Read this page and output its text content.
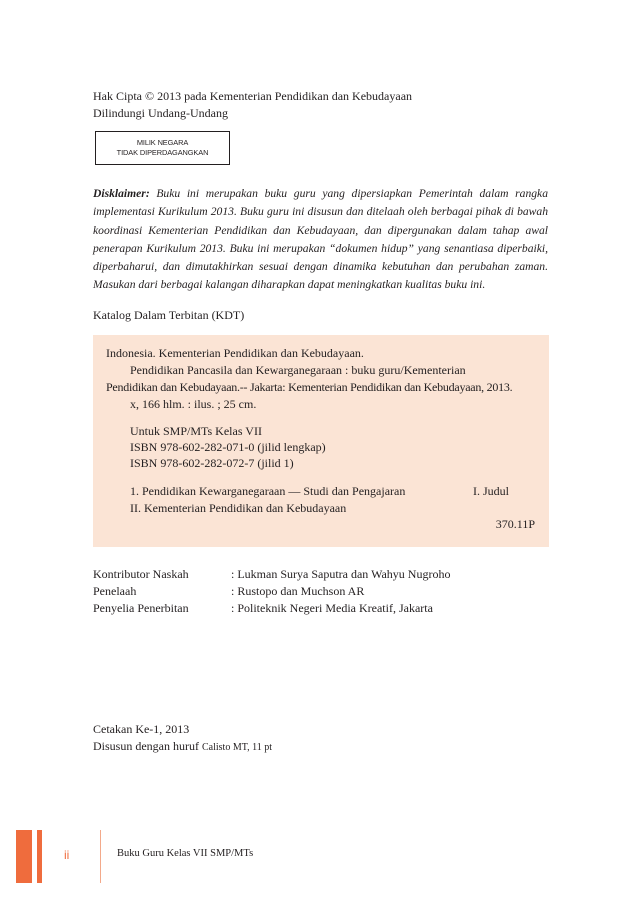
Hak Cipta © 2013 pada Kementerian Pendidikan dan Kebudayaan
Dilindungi Undang-Undang
MILIK NEGARA
TIDAK DIPERDAGANGKAN
Disklaimer: Buku ini merupakan buku guru yang dipersiapkan Pemerintah dalam rangka implementasi Kurikulum 2013. Buku guru ini disusun dan ditelaah oleh berbagai pihak di bawah koordinasi Kementerian Pendidikan dan Kebudayaan, dan dipergunakan dalam tahap awal penerapan Kurikulum 2013. Buku ini merupakan “dokumen hidup” yang senantiasa diperbaiki, diperbaharui, dan dimutakhirkan sesuai dengan dinamika kebutuhan dan perubahan zaman. Masukan dari berbagai kalangan diharapkan dapat meningkatkan kualitas buku ini.
Katalog Dalam Terbitan (KDT)
Indonesia. Kementerian Pendidikan dan Kebudayaan.
Pendidikan Pancasila dan Kewarganegaraan : buku guru/Kementerian
Pendidikan dan Kebudayaan.-- Jakarta: Kementerian Pendidikan dan Kebudayaan, 2013.
x, 166 hlm. : ilus. ; 25 cm.
Untuk SMP/MTs Kelas VII
ISBN 978-602-282-071-0 (jilid lengkap)
ISBN 978-602-282-072-7 (jilid 1)
1. Pendidikan Kewarganegaraan — Studi dan Pengajaran	I. Judul
II. Kementerian Pendidikan dan Kebudayaan
370.11P
Kontributor Naskah	: Lukman Surya Saputra dan Wahyu Nugroho
Penelaah	: Rustopo dan Muchson AR
Penyelia Penerbitan	: Politeknik Negeri Media Kreatif, Jakarta
Cetakan Ke-1, 2013
Disusun dengan huruf Calisto MT, 11 pt
ii	Buku Guru Kelas VII SMP/MTs
